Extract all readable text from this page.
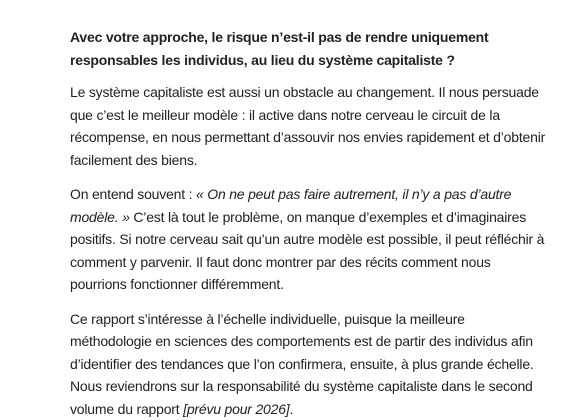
Avec votre approche, le risque n’est-il pas de rendre uniquement responsables les individus, au lieu du système capitaliste ?

Le système capitaliste est aussi un obstacle au changement. Il nous persuade que c’est le meilleur modèle : il active dans notre cerveau le circuit de la récompense, en nous permettant d’assouvir nos envies rapidement et d’obtenir facilement des biens.

On entend souvent : « On ne peut pas faire autrement, il n’y a pas d’autre modèle. » C’est là tout le problème, on manque d’exemples et d’imaginaires positifs. Si notre cerveau sait qu’un autre modèle est possible, il peut réfléchir à comment y parvenir. Il faut donc montrer par des récits comment nous pourrions fonctionner différemment.

Ce rapport s’intéresse à l’échelle individuelle, puisque la meilleure méthodologie en sciences des comportements est de partir des individus afin d’identifier des tendances que l’on confirmera, ensuite, à plus grande échelle. Nous reviendrons sur la responsabilité du système capitaliste dans le second volume du rapport [prévu pour 2026].
